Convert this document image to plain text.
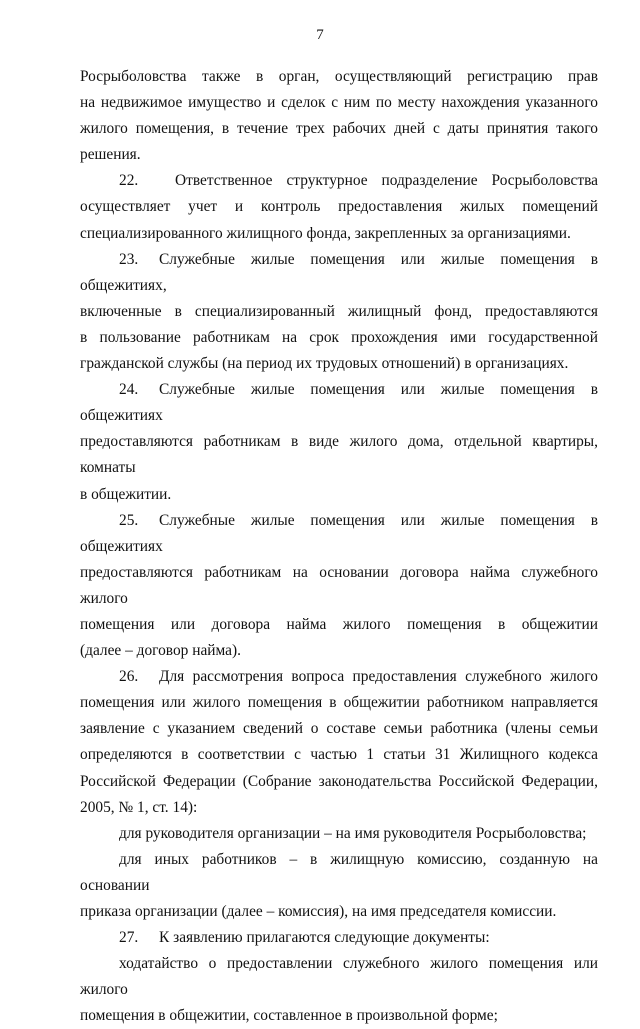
7

Росрыболовства также в орган, осуществляющий регистрацию прав

на недвижимое имущество и сделок с ним по месту нахождения указанного

жилого помещения, в течение трех рабочих дней с даты принятия такого

решения.

22. Ответственное структурное подразделение Росрыболовства

осуществляет учет и контроль предоставления жилых помещений

специализированного жилищного фонда, закрепленных за организациями.

23. Служебные жилые помещения или жилые помещения в общежитиях,

включенные в специализированный жилищный фонд, предоставляются

в пользование работникам на срок прохождения ими государственной

гражданской службы (на период их трудовых отношений) в организациях.

24. Служебные жилые помещения или жилые помещения в общежитиях

предоставляются работникам в виде жилого дома, отдельной квартиры, комнаты

в общежитии.

25. Служебные жилые помещения или жилые помещения в общежитиях

предоставляются работникам на основании договора найма служебного жилого

помещения или договора найма жилого помещения в общежитии

(далее – договор найма).

26. Для рассмотрения вопроса предоставления служебного жилого

помещения или жилого помещения в общежитии работником направляется

заявление с указанием сведений о составе семьи работника (члены семьи

определяются в соответствии с частью 1 статьи 31 Жилищного кодекса

Российской Федерации (Собрание законодательства Российской Федерации,

2005, № 1, ст. 14):

для руководителя организации – на имя руководителя Росрыболовства;

для иных работников – в жилищную комиссию, созданную на основании

приказа организации (далее – комиссия), на имя председателя комиссии.

27. К заявлению прилагаются следующие документы:

ходатайство о предоставлении служебного жилого помещения или жилого

помещения в общежитии, составленное в произвольной форме;
